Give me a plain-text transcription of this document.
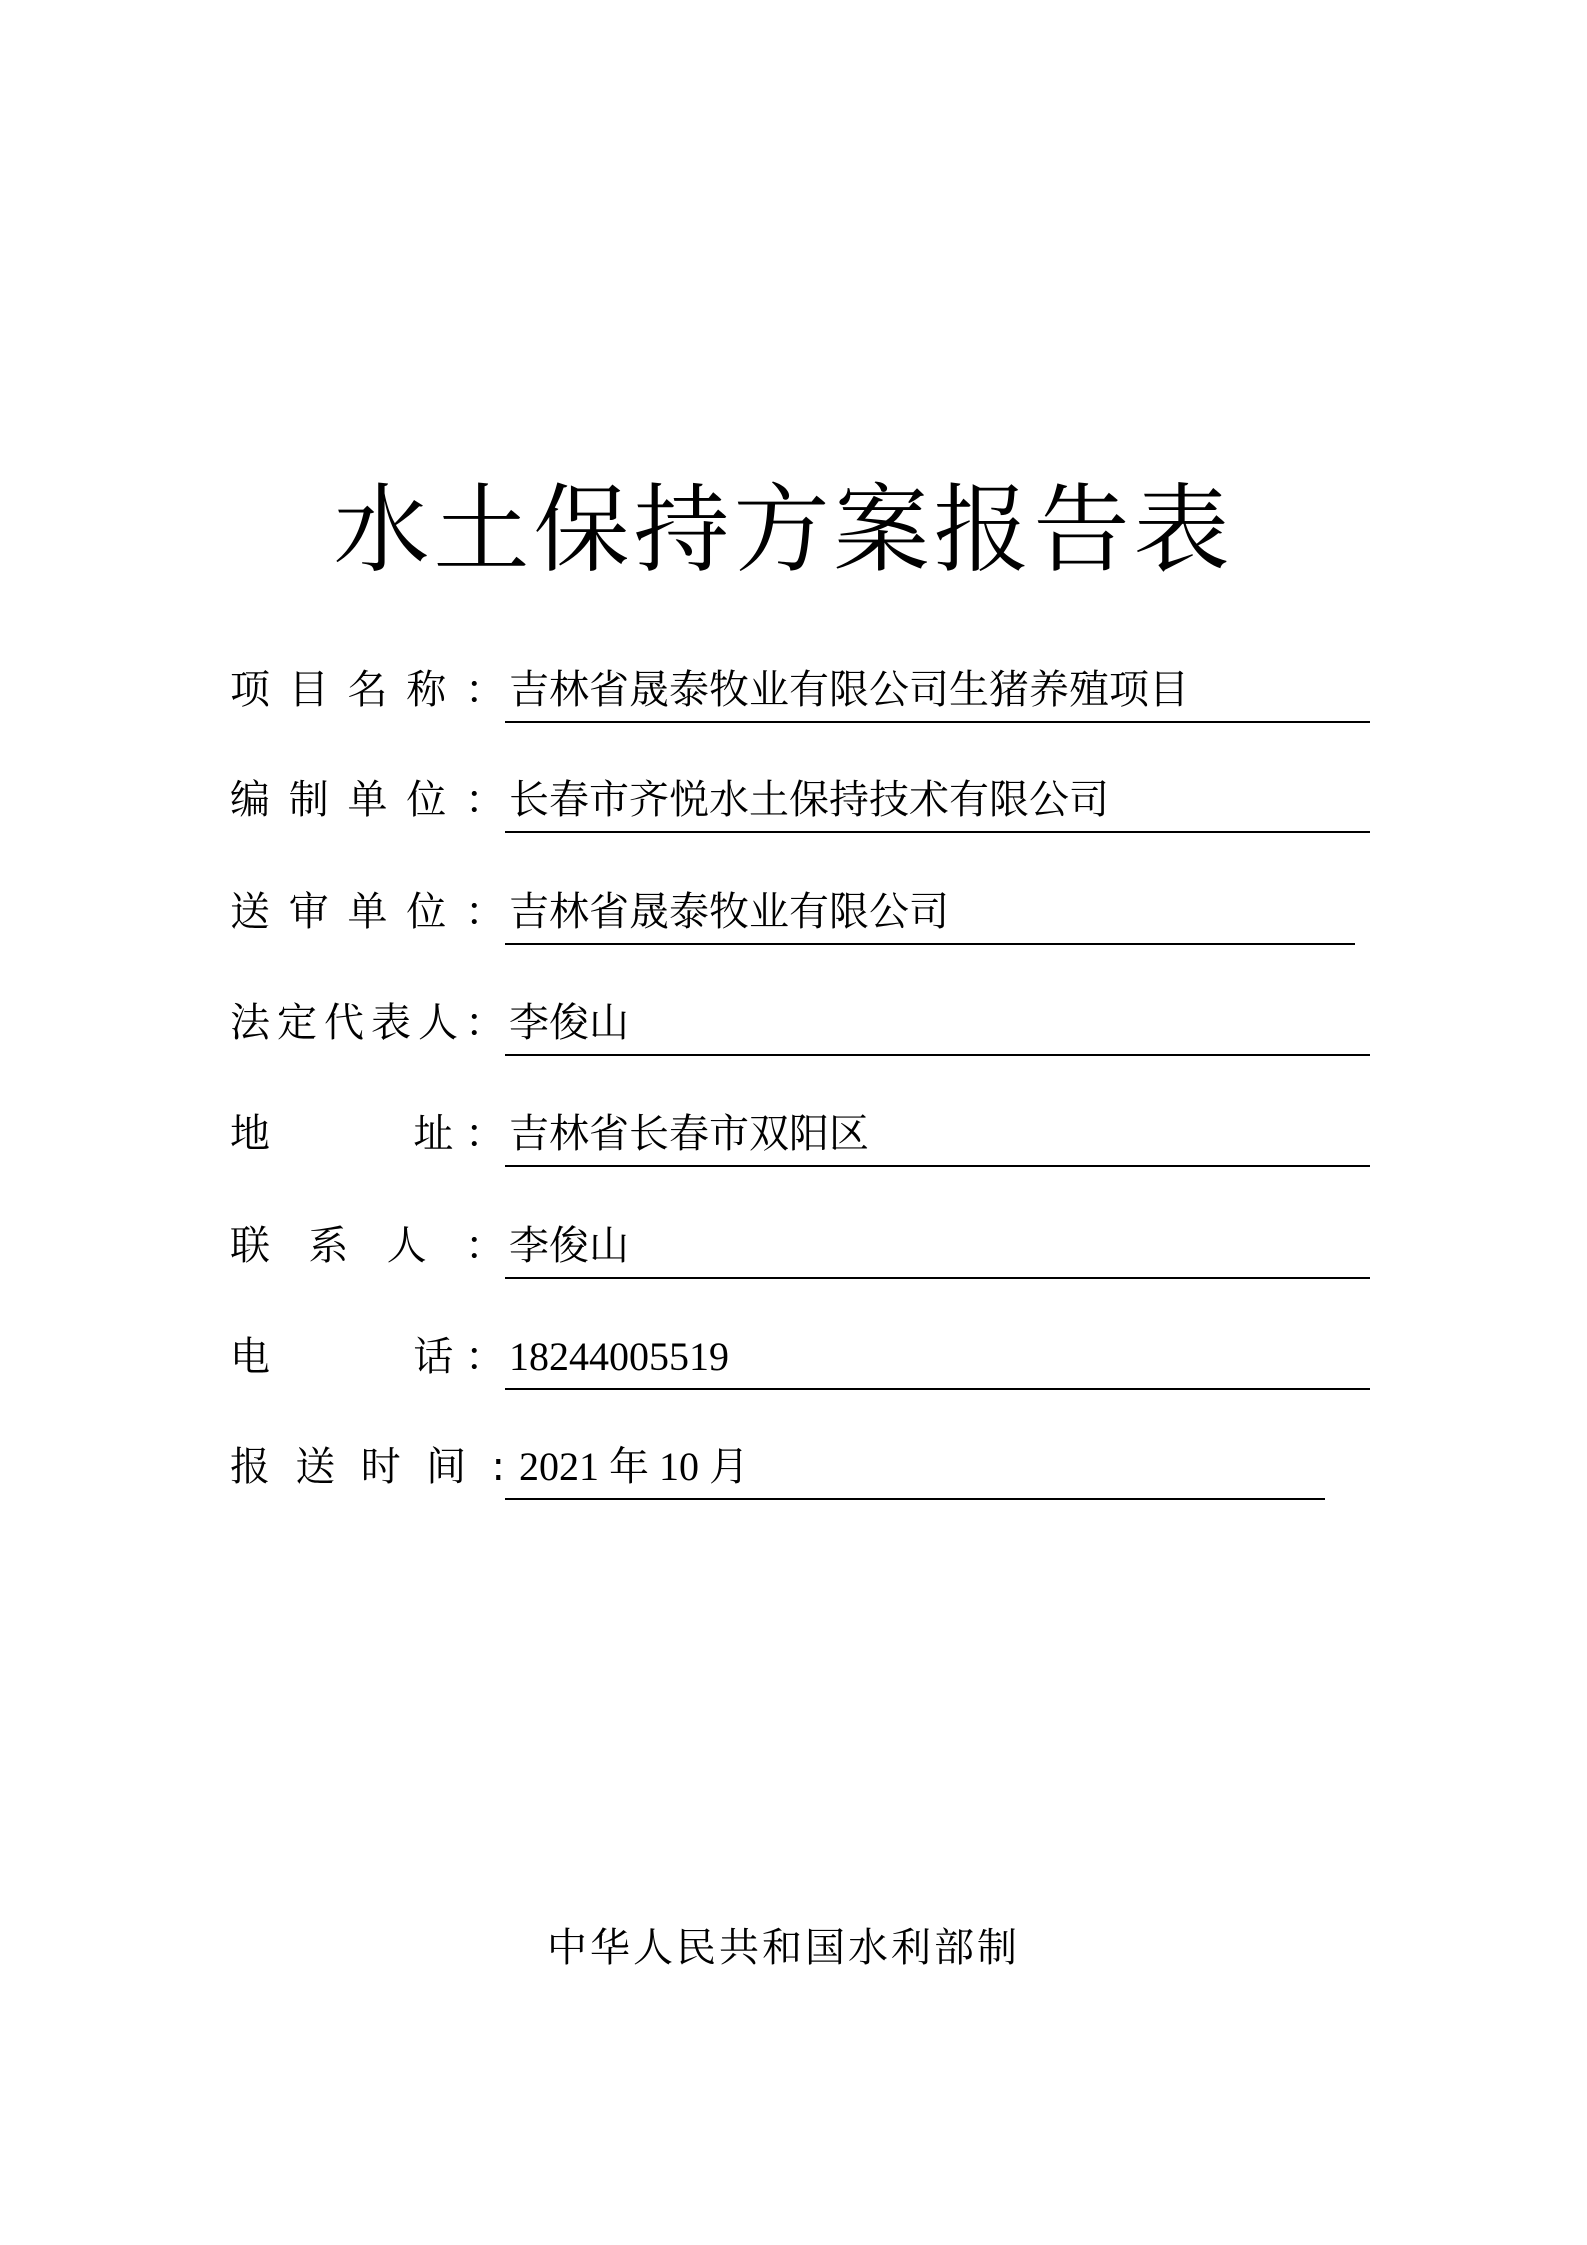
水土保持方案报告表
项 目 名 称 ： 吉林省晟泰牧业有限公司生猪养殖项目
编 制 单 位 ： 长春市齐悦水土保持技术有限公司
送 审 单 位 ： 吉林省晟泰牧业有限公司
法 定 代 表 人 ： 李俊山
地	址 ： 吉林省长春市双阳区
联 系 人 ： 李俊山
电	话 ： 18244005519
报 送 时 间 : 2021 年 10 月
中华人民共和国水利部制
